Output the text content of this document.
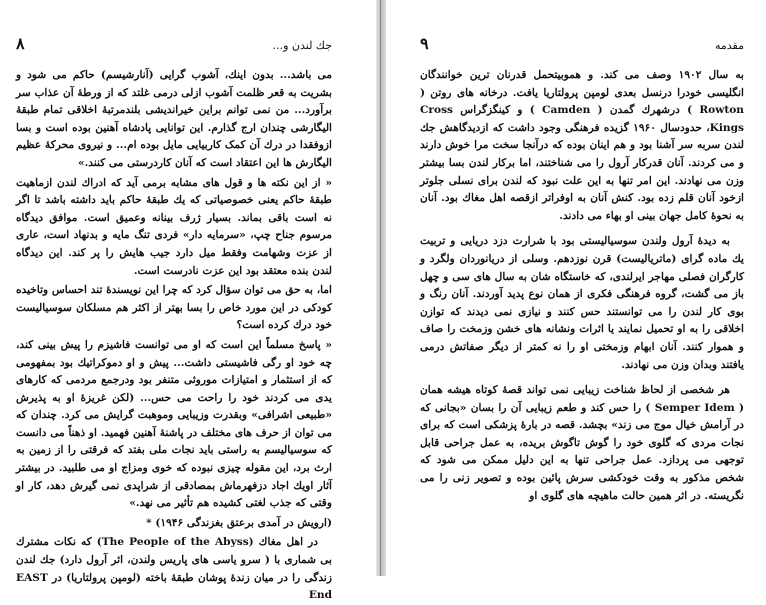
جك لندن و...
۸

می باشد... بدون اینك، آشوب گرایی (آنارشیسم) حاکم می شود و بشریت به قعر ظلمت آشوب ازلی درمی غلتد که از ورطهٔ آن عذاب سر برآورد... من نمی توانم براین خیراندیشی بلندمرتبهٔ اخلاقی تمام طبقهٔ الیگارشی چندان ارج گذارم. این توانایی پادشاه آهنین بوده است و بسا ازوفقدا در درك آن کمک کاربیایی مایل بوده ام... و نیروی محرکهٔ عظیم الیگارش ها این اعتقاد است که آنان کاردرستی می کنند.»

« از این نکته ها و قول هاى مشابه برمی آید که ادراك لندن ازماهیت طبقهٔ حاکم یعنی خصوصیاتی که یك طبقهٔ حاکم باید داشته باشد تا اگر نه است باقی بماند. بسیار ژرف بینانه وعمیق است. موافق دیدگاه مرسوم جناح چپ، «سرمایه دار» فردی تنگ مایه و بدنهاد است، عاری از عزت وشهامت وفقط میل دارد جیب هایش را پر کند. این دیدگاه لندن بنده معتقد بود این عزت نادرست است.

اما، به حق می توان سؤال کرد که چرا این نویسندهٔ تند احساس وتاخیده کودکی در این مورد خاص را بسا بهتر از اکثر هم مسلکان سوسیالیست خود درك کرده است؟

« پاسخ مسلماً این است که او می توانست فاشیزم را پیش بینی کند، چه خود او رگی فاشیستی داشت... پیش و او دموکراتیك بود بمفهومی که از استثمار و امتیازات موروثی متنفر بود ودرجمع مردمی که کارهای یدی می کردند خود را راحت می حس... (لکن غریزهٔ او به پذیرش «طبیعی اشرافی» وبقدرت وزیبایی وموهبت گرایش می کرد. چندان که می توان از حرف های مختلف در پاشنهٔ آهنین فهمید. او ذهناً می دانست که سوسیالیسم به راستی باید نجات ملی بفتد که فرقتی را از زمین به ارث برد، این مقوله چیزی نبوده که خوی ومزاج او می طلبید. در بیشتر آثار اویك اجاد دزفهرماش بمصادقی از شراپدی نمی گیرش دهد، کار او وقتی که جذب لغتی کشیده هم تأثیر می نهد.»

(ارویش در آمدی برعتق بغزندگی ۱۹۴۶) *

در اهل مغاك (The People of the Abyss) که نکات مشترك بی شماری با ( سرو یاسی های پاریس ولندن، اثر آرول دارد) جك لندن زندگی را در میان زندهٔ پوشان طبقهٔ باخته (لومپن پرولتاریا) در EAST End

مقدمه
۹

به سال ۱۹۰۲ وصف می کند. و هموبیتحمل قدرنان ترین خوانندگان انگلیسی خودرا درنسل بعدی لومپن پرولتاریا یافت. درخانه های روتن ( Rowton ) درشهرك گمدن ( Camden ) و کینگزگراس Cross Kings، حدودسال ۱۹۶۰ گزیده فرهنگی وجود داشت که ازدیدگاهش جك لندن سربه سر آشنا بود و هم اینان بوده که درآنجا سخت مرا خوش دارند و می کردند. آنان قدرکار آرول را می شناختند، اما برکار لندن بسا بیشتر وزن می نهادند. این امر تنها به این علت نبود که لندن برای نسلی جلوتر ازخود آنان قلم زده بود. کنش آنان به اوفراتر ازقصه اهل مغاك بود. آنان به نحوهٔ کامل جهان بینی او بهاء می دادند.

به دیدهٔ آرول ولندن سوسیالیستی بود با شرارت دزد دریایی و تربیت یك ماده گرای (ماتریالیست) قرن نوزدهم. وسلی از دریانوردان ولگرد و کارگران فصلی مهاجر ایرلندی، که خاستگاه شان به سال های سی و چهل باز می گشت، گروه فرهنگی فکری از همان نوع پدید آوردند. آنان رنگ و بوی کار لندن را می توانستند حس کنند و نیازی نمی دیدند که توازن اخلاقی را به او تحمیل نمایند یا اثرات ونشانه های خشن وزمخت را صاف و هموار کنند. آنان ابهام وزمختی او را نه کمتر از دیگر صفاتش درمی یافتند وبدان وزن می نهادند.

هر شخصی از لحاظ شناخت زیبایی نمی تواند قصهٔ کوتاه هیشه همان ( Semper Idem ) را حس کند و طعم زیبایی آن را بسان «بجانی که در آرامش خیال موج می زند» بچشد. قصه در بارهٔ پزشکی است که برای نجات مردی که گلوی خود را گوش تاگوش بریده، به عمل جراحی قابل توجهی می پردازد. عمل جراحی تنها به این دلیل ممکن می شود که شخص مذکور به وقت خودکشی سرش پائین بوده و تصویر زنی را می نگریسته. در اثر همین حالت ماهیچه های گلوی او
